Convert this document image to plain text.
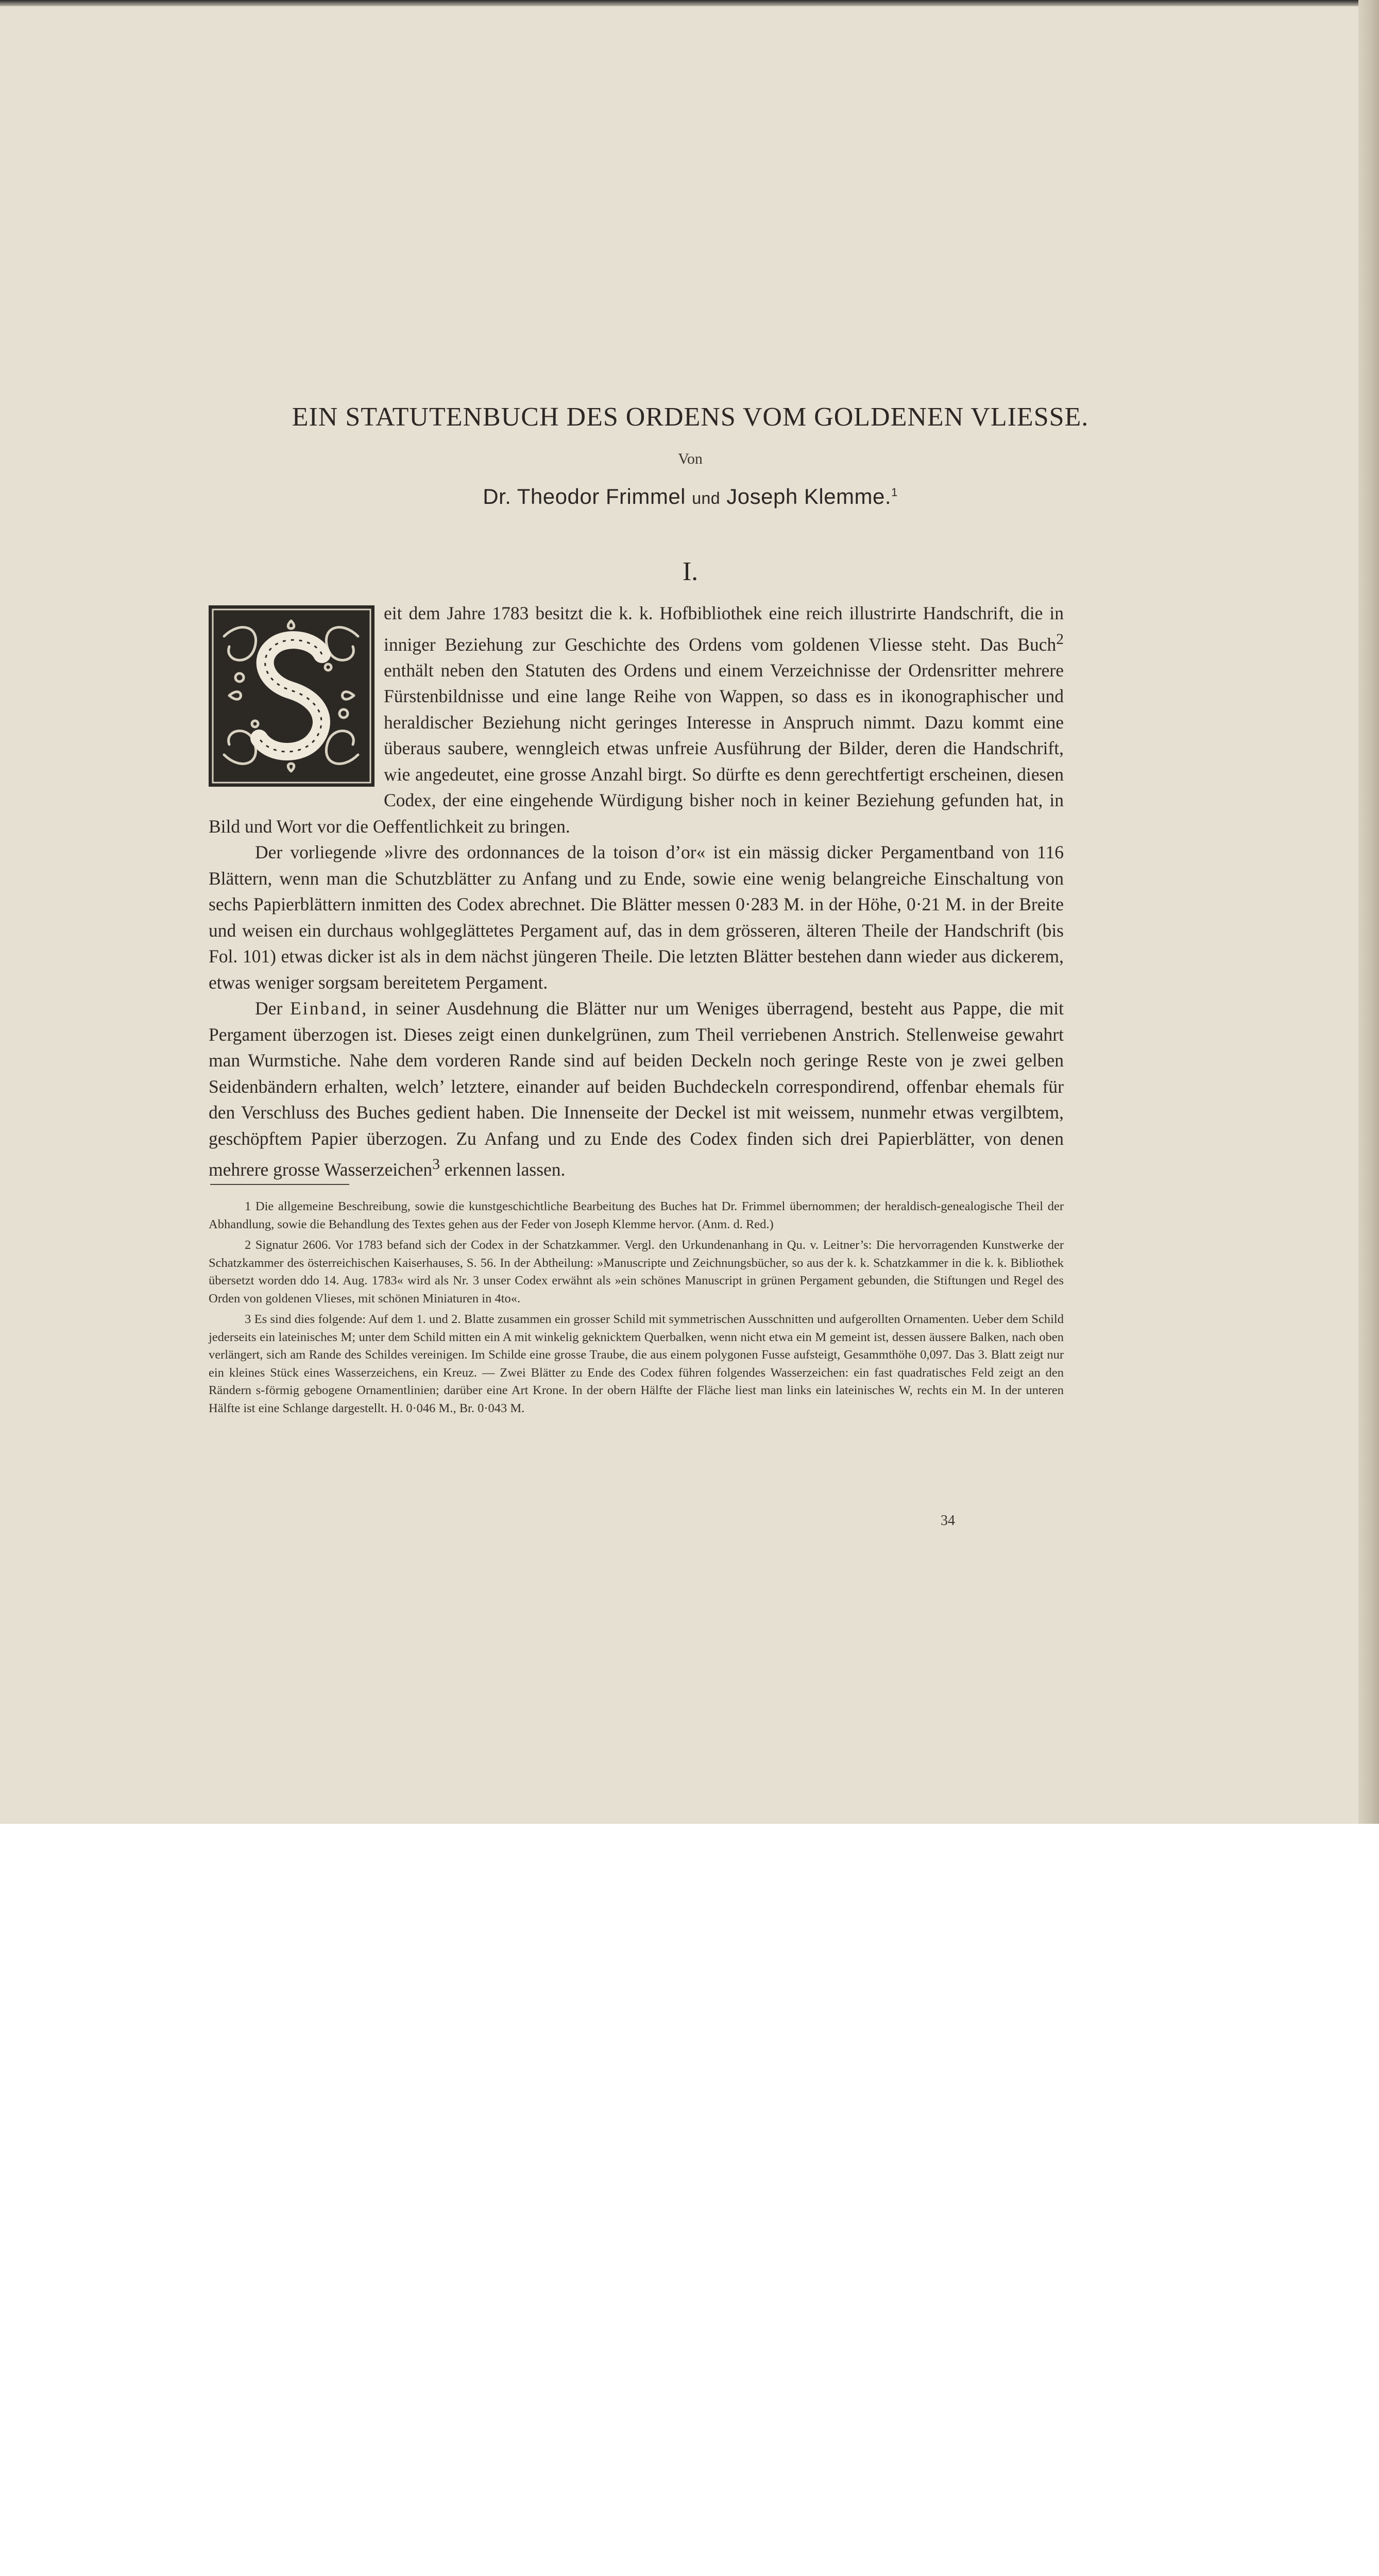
EIN STATUTENBUCH DES ORDENS VOM GOLDENEN VLIESSE.
Von
Dr. Theodor Frimmel und Joseph Klemme.$^1$
I.

eit dem Jahre 1783 besitzt die k. k. Hofbibliothek eine reich illustrirte Handschrift, die in inniger Beziehung zur Geschichte des Ordens vom goldenen Vliesse steht. Das Buch$^2$ enthält neben den Statuten des Ordens und einem Verzeichnisse der Ordensritter mehrere Fürstenbildnisse und eine lange Reihe von Wappen, so dass es in ikonographischer und heraldischer Beziehung nicht geringes Interesse in Anspruch nimmt. Dazu kommt eine überaus saubere, wenngleich etwas unfreie Ausführung der Bilder, deren die Handschrift, wie angedeutet, eine grosse Anzahl birgt. So dürfte es denn gerechtfertigt erscheinen, diesen Codex, der eine eingehende Würdigung bisher noch in keiner Beziehung gefunden hat, in Bild und Wort vor die Oeffentlichkeit zu bringen.

Der vorliegende »livre des ordonnances de la toison d’or« ist ein mässig dicker Pergamentband von 116 Blättern, wenn man die Schutzblätter zu Anfang und zu Ende, sowie eine wenig belangreiche Einschaltung von sechs Papierblättern inmitten des Codex abrechnet. Die Blätter messen 0·283 M. in der Höhe, 0·21 M. in der Breite und weisen ein durchaus wohlgeglättetes Pergament auf, das in dem grösseren, älteren Theile der Handschrift (bis Fol. 101) etwas dicker ist als in dem nächst jüngeren Theile. Die letzten Blätter bestehen dann wieder aus dickerem, etwas weniger sorgsam bereitetem Pergament.

Der Einband, in seiner Ausdehnung die Blätter nur um Weniges überragend, besteht aus Pappe, die mit Pergament überzogen ist. Dieses zeigt einen dunkelgrünen, zum Theil verriebenen Anstrich. Stellenweise gewahrt man Wurmstiche. Nahe dem vorderen Rande sind auf beiden Deckeln noch geringe Reste von je zwei gelben Seidenbändern erhalten, welch’ letztere, einander auf beiden Buchdeckeln correspondirend, offenbar ehemals für den Verschluss des Buches gedient haben. Die Innenseite der Deckel ist mit weissem, nunmehr etwas vergilbtem, geschöpftem Papier überzogen. Zu Anfang und zu Ende des Codex finden sich drei Papierblätter, von denen mehrere grosse Wasserzeichen$^3$ erkennen lassen.

1 Die allgemeine Beschreibung, sowie die kunstgeschichtliche Bearbeitung des Buches hat Dr. Frimmel übernommen; der heraldisch-genealogische Theil der Abhandlung, sowie die Behandlung des Textes gehen aus der Feder von Joseph Klemme hervor. (Anm. d. Red.)

2 Signatur 2606. Vor 1783 befand sich der Codex in der Schatzkammer. Vergl. den Urkundenanhang in Qu. v. Leitner’s: Die hervorragenden Kunstwerke der Schatzkammer des österreichischen Kaiserhauses, S. 56. In der Abtheilung: »Manuscripte und Zeichnungsbücher, so aus der k. k. Schatzkammer in die k. k. Bibliothek übersetzt worden ddo 14. Aug. 1783« wird als Nr. 3 unser Codex erwähnt als »ein schönes Manuscript in grünen Pergament gebunden, die Stiftungen und Regel des Orden von goldenen Vlieses, mit schönen Miniaturen in 4to«.

3 Es sind dies folgende: Auf dem 1. und 2. Blatte zusammen ein grosser Schild mit symmetrischen Ausschnitten und aufgerollten Ornamenten. Ueber dem Schild jederseits ein lateinisches M; unter dem Schild mitten ein A mit winkelig geknicktem Querbalken, wenn nicht etwa ein M gemeint ist, dessen äussere Balken, nach oben verlängert, sich am Rande des Schildes vereinigen. Im Schilde eine grosse Traube, die aus einem polygonen Fusse aufsteigt, Gesammthöhe 0,097. Das 3. Blatt zeigt nur ein kleines Stück eines Wasserzeichens, ein Kreuz. — Zwei Blätter zu Ende des Codex führen folgendes Wasserzeichen: ein fast quadratisches Feld zeigt an den Rändern s-förmig gebogene Ornamentlinien; darüber eine Art Krone. In der obern Hälfte der Fläche liest man links ein lateinisches W, rechts ein M. In der unteren Hälfte ist eine Schlange dargestellt. H. 0·046 M., Br. 0·043 M.

34
